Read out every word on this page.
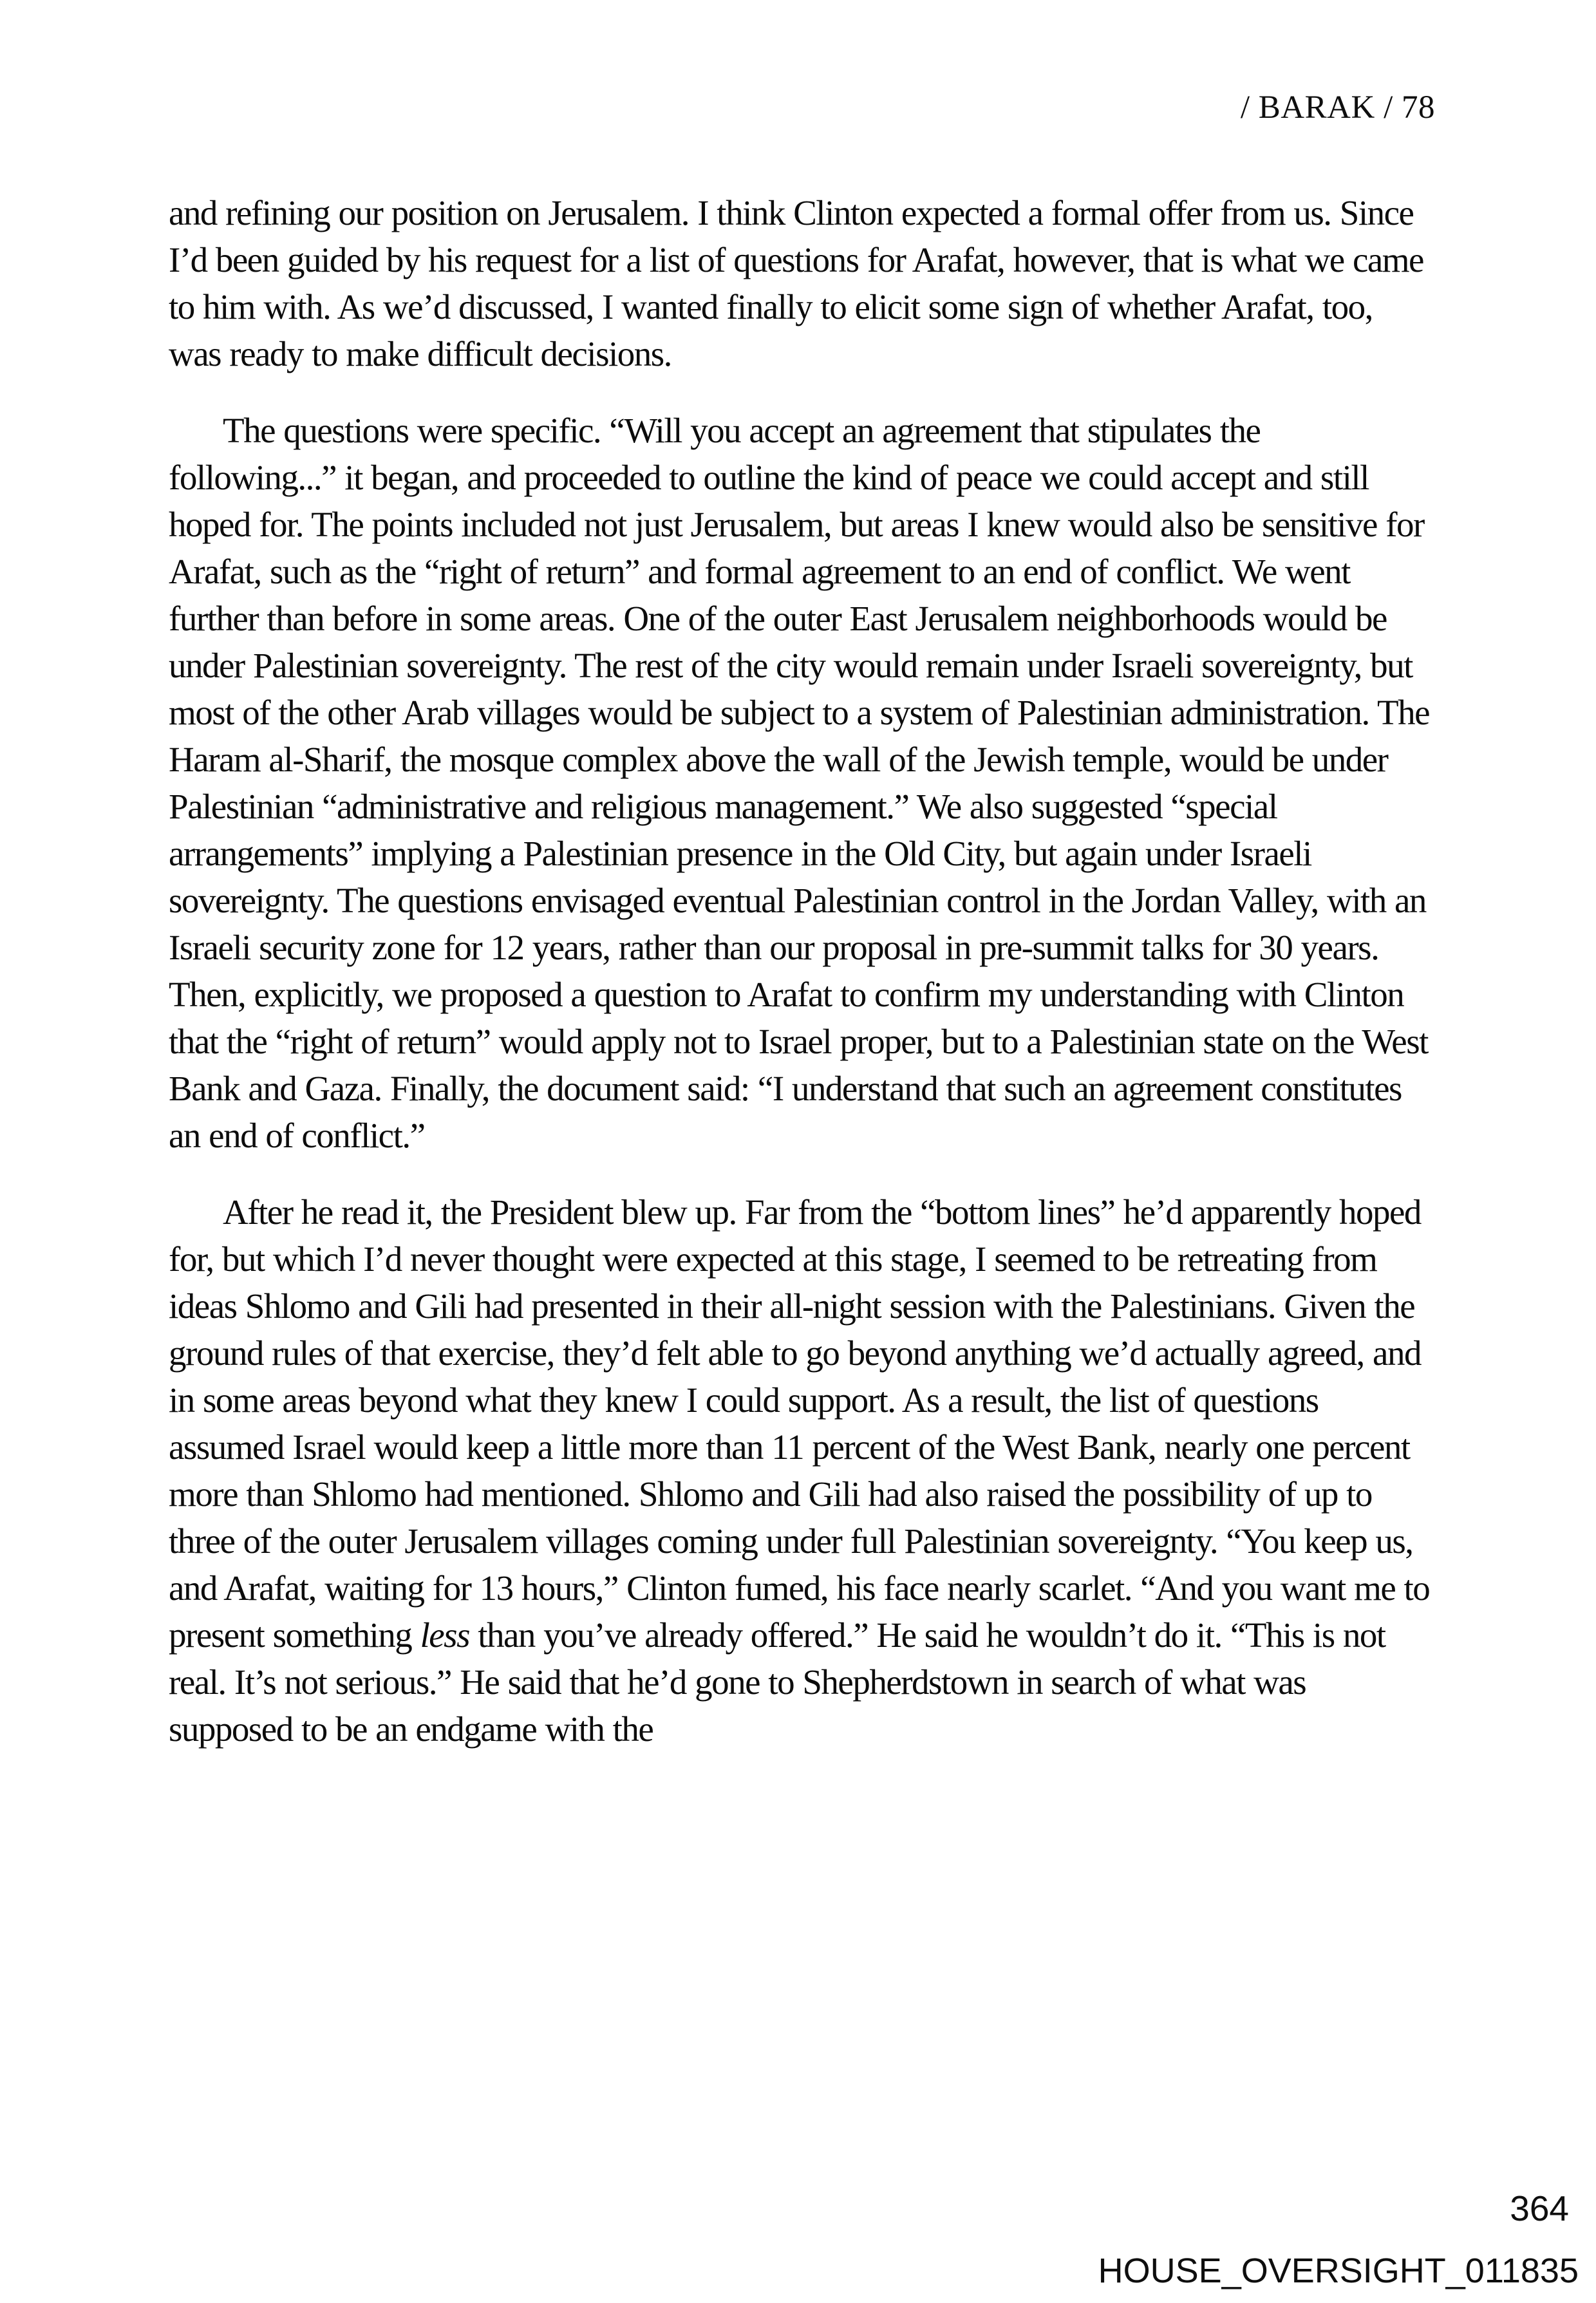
/ BARAK / 78

and refining our position on Jerusalem. I think Clinton expected a formal offer from us. Since I’d been guided by his request for a list of questions for Arafat, however, that is what we came to him with. As we’d discussed, I wanted finally to elicit some sign of whether Arafat, too, was ready to make difficult decisions.

The questions were specific. “Will you accept an agreement that stipulates the following...” it began, and proceeded to outline the kind of peace we could accept and still hoped for. The points included not just Jerusalem, but areas I knew would also be sensitive for Arafat, such as the “right of return” and formal agreement to an end of conflict. We went further than before in some areas. One of the outer East Jerusalem neighborhoods would be under Palestinian sovereignty. The rest of the city would remain under Israeli sovereignty, but most of the other Arab villages would be subject to a system of Palestinian administration. The Haram al-Sharif, the mosque complex above the wall of the Jewish temple, would be under Palestinian “administrative and religious management.” We also suggested “special arrangements” implying a Palestinian presence in the Old City, but again under Israeli sovereignty. The questions envisaged eventual Palestinian control in the Jordan Valley, with an Israeli security zone for 12 years, rather than our proposal in pre-summit talks for 30 years. Then, explicitly, we proposed a question to Arafat to confirm my understanding with Clinton that the “right of return” would apply not to Israel proper, but to a Palestinian state on the West Bank and Gaza. Finally, the document said: “I understand that such an agreement constitutes an end of conflict.”

After he read it, the President blew up. Far from the “bottom lines” he’d apparently hoped for, but which I’d never thought were expected at this stage, I seemed to be retreating from ideas Shlomo and Gili had presented in their all-night session with the Palestinians. Given the ground rules of that exercise, they’d felt able to go beyond anything we’d actually agreed, and in some areas beyond what they knew I could support. As a result, the list of questions assumed Israel would keep a little more than 11 percent of the West Bank, nearly one percent more than Shlomo had mentioned. Shlomo and Gili had also raised the possibility of up to three of the outer Jerusalem villages coming under full Palestinian sovereignty. “You keep us, and Arafat, waiting for 13 hours,” Clinton fumed, his face nearly scarlet. “And you want me to present something less than you’ve already offered.” He said he wouldn’t do it. “This is not real. It’s not serious.” He said that he’d gone to Shepherdstown in search of what was supposed to be an endgame with the

364
HOUSE_OVERSIGHT_011835
